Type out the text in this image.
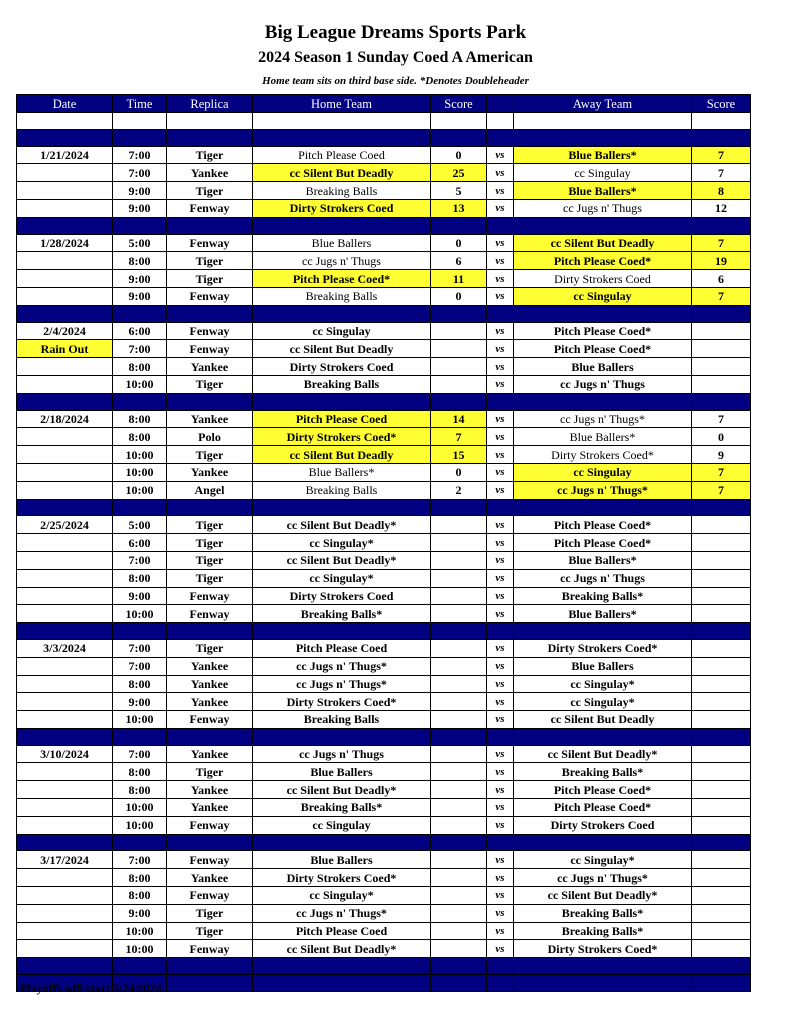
Big League Dreams Sports Park
2024 Season 1 Sunday Coed A American
Home team sits on third base side. *Denotes Doubleheader
Date	Time	Replica	Home Team	Score		Away Team	Score

1/21/2024	7:00	Tiger	Pitch Please Coed	0	vs	Blue Ballers*	7
	7:00	Yankee	cc Silent But Deadly	25	vs	cc Singulay	7
	9:00	Tiger	Breaking Balls	5	vs	Blue Ballers*	8
	9:00	Fenway	Dirty Strokers Coed	13	vs	cc Jugs n' Thugs	12

1/28/2024	5:00	Fenway	Blue Ballers	0	vs	cc Silent But Deadly	7
	8:00	Tiger	cc Jugs n' Thugs	6	vs	Pitch Please Coed*	19
	9:00	Tiger	Pitch Please Coed*	11	vs	Dirty Strokers Coed	6
	9:00	Fenway	Breaking Balls	0	vs	cc Singulay	7

2/4/2024	6:00	Fenway	cc Singulay		vs	Pitch Please Coed*	
Rain Out	7:00	Fenway	cc Silent But Deadly		vs	Pitch Please Coed*	
	8:00	Yankee	Dirty Strokers Coed		vs	Blue Ballers	
	10:00	Tiger	Breaking Balls		vs	cc Jugs n' Thugs	

2/18/2024	8:00	Yankee	Pitch Please Coed	14	vs	cc Jugs n' Thugs*	7
	8:00	Polo	Dirty Strokers Coed*	7	vs	Blue Ballers*	0
	10:00	Tiger	cc Silent But Deadly	15	vs	Dirty Strokers Coed*	9
	10:00	Yankee	Blue Ballers*	0	vs	cc Singulay	7
	10:00	Angel	Breaking Balls	2	vs	cc Jugs n' Thugs*	7

2/25/2024	5:00	Tiger	cc Silent But Deadly*		vs	Pitch Please Coed*	
	6:00	Tiger	cc Singulay*		vs	Pitch Please Coed*	
	7:00	Tiger	cc Silent But Deadly*		vs	Blue Ballers*	
	8:00	Tiger	cc Singulay*		vs	cc Jugs n' Thugs	
	9:00	Fenway	Dirty Strokers Coed		vs	Breaking Balls*	
	10:00	Fenway	Breaking Balls*		vs	Blue Ballers*	

3/3/2024	7:00	Tiger	Pitch Please Coed		vs	Dirty Strokers Coed*	
	7:00	Yankee	cc Jugs n' Thugs*		vs	Blue Ballers	
	8:00	Yankee	cc Jugs n' Thugs*		vs	cc Singulay*	
	9:00	Yankee	Dirty Strokers Coed*		vs	cc Singulay*	
	10:00	Fenway	Breaking Balls		vs	cc Silent But Deadly	

3/10/2024	7:00	Yankee	cc Jugs n' Thugs		vs	cc Silent But Deadly*	
	8:00	Tiger	Blue Ballers		vs	Breaking Balls*	
	8:00	Yankee	cc Silent But Deadly*		vs	Pitch Please Coed*	
	10:00	Yankee	Breaking Balls*		vs	Pitch Please Coed*	
	10:00	Fenway	cc Singulay		vs	Dirty Strokers Coed	

3/17/2024	7:00	Fenway	Blue Ballers		vs	cc Singulay*	
	8:00	Yankee	Dirty Strokers Coed*		vs	cc Jugs n' Thugs*	
	8:00	Fenway	cc Singulay*		vs	cc Silent But Deadly*	
	9:00	Tiger	cc Jugs n' Thugs*		vs	Breaking Balls*	
	10:00	Tiger	Pitch Please Coed		vs	Breaking Balls*	
	10:00	Fenway	cc Silent But Deadly*		vs	Dirty Strokers Coed*	

Playoffs will start 3/24/2024
